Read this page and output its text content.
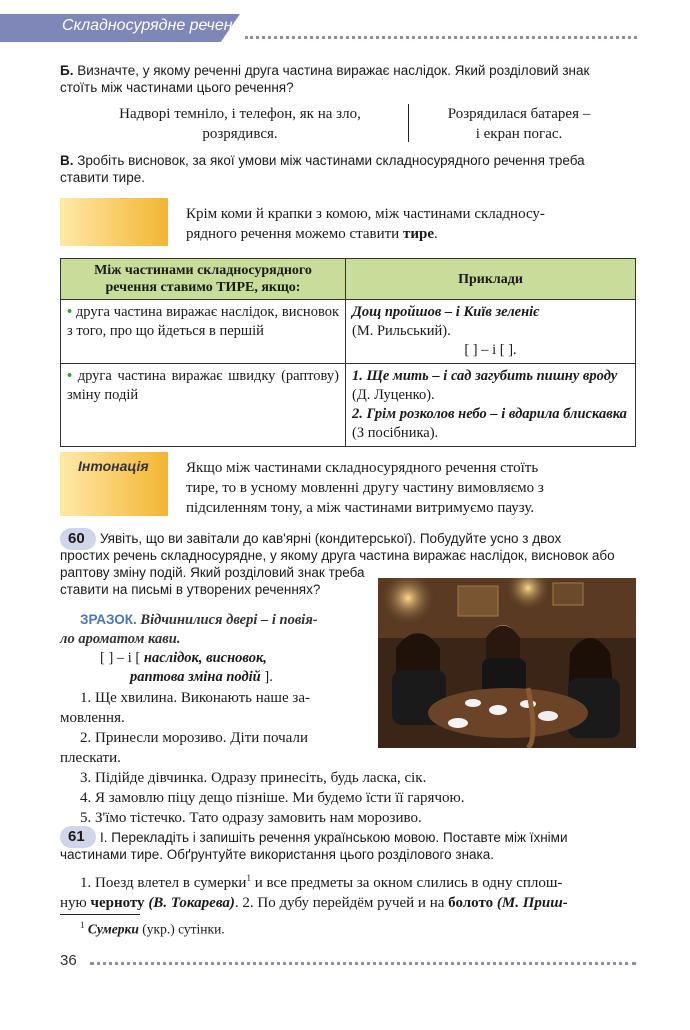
Складносурядне речення

Б. Визначте, у якому реченні друга частина виражає наслідок. Який розділовий знак

стоїть між частинами цього речення?

Надворі темніло, і телефон, як на зло,

розрядився.

Розрядилася батарея –

і екран погас.

В. Зробіть висновок, за якої умови між частинами складносурядного речення треба

ставити тире.

Крім коми й крапки з комою, між частинами складносу-

рядного речення можемо ставити тире.

Між частинами складносурядного
речення ставимо ТИРЕ, якщо:	Приклади
• друга частина виражає наслідок, висновок з того, про що йдеться в першій	Дощ пройшов – і Київ зеленіє
(М. Рильський).
[ ] – і [ ].

• друга частина виражає швидку (раптову) зміну подій	1. Ще мить – і сад загубить пишну вроду (Д. Луценко).
2. Грім розколов небо – і вдарила блискавка (З посібника).
Інтонація Якщо між частинами складносурядного речення стоїть

тире, то в усному мовленні другу частину вимовляємо з

підсиленням тону, а між частинами витримуємо паузу.

60	Уявіть, що ви завітали до кав'ярні (кондитерської). Побудуйте усно з двох

простих речень складносурядне, у якому друга частина виражає наслідок, висновок або

раптову зміну подій. Який розділовий знак треба

ставити на письмі в утворених реченнях?

ЗРАЗОК. Відчинилися двері – і повія-

ло ароматом кави.

[ ] – і [ наслідок, висновок,

раптова зміна подій ].

1. Ще хвилина. Виконають наше за-

мовлення.

2. Принесли морозиво. Діти почали

плескати.

3. Підійде дівчинка. Одразу принесіть, будь ласка, сік.

4. Я замовлю піцу дещо пізніше. Ми будемо їсти її гарячою.

5. З'їмо тістечко. Тато одразу замовить нам морозиво.

61	І. Перекладіть і запишіть речення українською мовою. Поставте між їхніми

частинами тире. Обґрунтуйте використання цього розділового знака.

1. Поезд влетел в сумерки$^1$ и все предметы за окном слились в одну сплош-

ную черноту (В. Токарева). 2. По дубу перейдём ручей и на болото (М. Приш-

$^1$ Сумерки (укр.) сутінки.
36
